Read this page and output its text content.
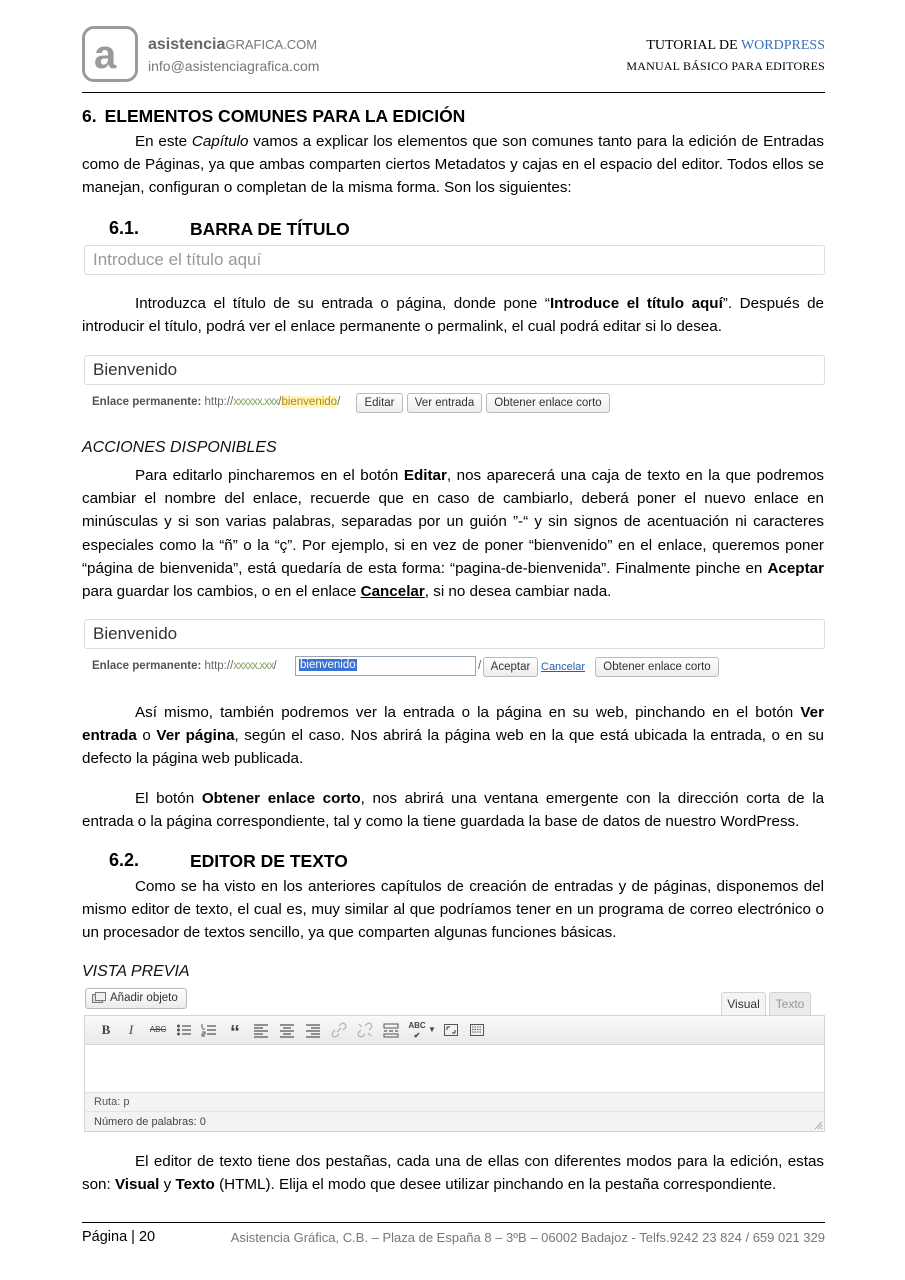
a asistenciaGRAFICA.COM
info@asistenciagrafica.com
TUTORIAL DE WORDPRESS
MANUAL BÁSICO PARA EDITORES
6. ELEMENTOS COMUNES PARA LA EDICIÓN

En este Capítulo vamos a explicar los elementos que son comunes tanto para la edición de Entradas como de Páginas, ya que ambas comparten ciertos Metadatos y cajas en el espacio del editor. Todos ellos se manejan, configuran o completan de la misma forma. Son los siguientes:

6.1.	BARRA DE TÍTULO
Introduce el título aquí

Introduzca el título de su entrada o página, donde pone “Introduce el título aquí”. Después de introducir el título, podrá ver el enlace permanente o permalink, el cual podrá editar si lo desea.

Bienvenido
Enlace permanente: http://xxxxxx.xxx/bienvenido/	Editar	Ver entrada	Obtener enlace corto
ACCIONES DISPONIBLES

Para editarlo pincharemos en el botón Editar, nos aparecerá una caja de texto en la que podremos cambiar el nombre del enlace, recuerde que en caso de cambiarlo, deberá poner el nuevo enlace en minúsculas y si son varias palabras, separadas por un guión ”-“ y sin signos de acentuación ni caracteres especiales como la “ñ” o la “ç”. Por ejemplo, si en vez de poner “bienvenido” en el enlace, queremos poner “página de bienvenida”, está quedaría de esta forma: “pagina-de-bienvenida”. Finalmente pinche en Aceptar para guardar los cambios, o en el enlace Cancelar, si no desea cambiar nada.

Bienvenido
Enlace permanente: http://xxxxx.xxx/ bienvenido	/ Aceptar Cancelar	Obtener enlace corto

Así mismo, también podremos ver la entrada o la página en su web, pinchando en el botón Ver entrada o Ver página, según el caso. Nos abrirá la página web en la que está ubicada la entrada, o en su defecto la página web publicada.

El botón Obtener enlace corto, nos abrirá una ventana emergente con la dirección corta de la entrada o la página correspondiente, tal y como la tiene guardada la base de datos de nuestro WordPress.

6.2.	EDITOR DE TEXTO

Como se ha visto en los anteriores capítulos de creación de entradas y de páginas, disponemos del mismo editor de texto, el cual es, muy similar al que podríamos tener en un programa de correo electrónico o un procesador de textos sencillo, ya que comparten algunas funciones básicas.

VISTA PREVIA
Añadir objeto	Visual	Texto
B	I	ABC	“	ABC
✔
▼
Ruta: p
Número de palabras: 0

El editor de texto tiene dos pestañas, cada una de ellas con diferentes modos para la edición, estas son: Visual y Texto (HTML). Elija el modo que desee utilizar pinchando en la pestaña correspondiente.

Página | 20	Asistencia Gráfica, C.B. – Plaza de España 8 – 3ºB – 06002 Badajoz - Telfs.9242 23 824 / 659 021 329
